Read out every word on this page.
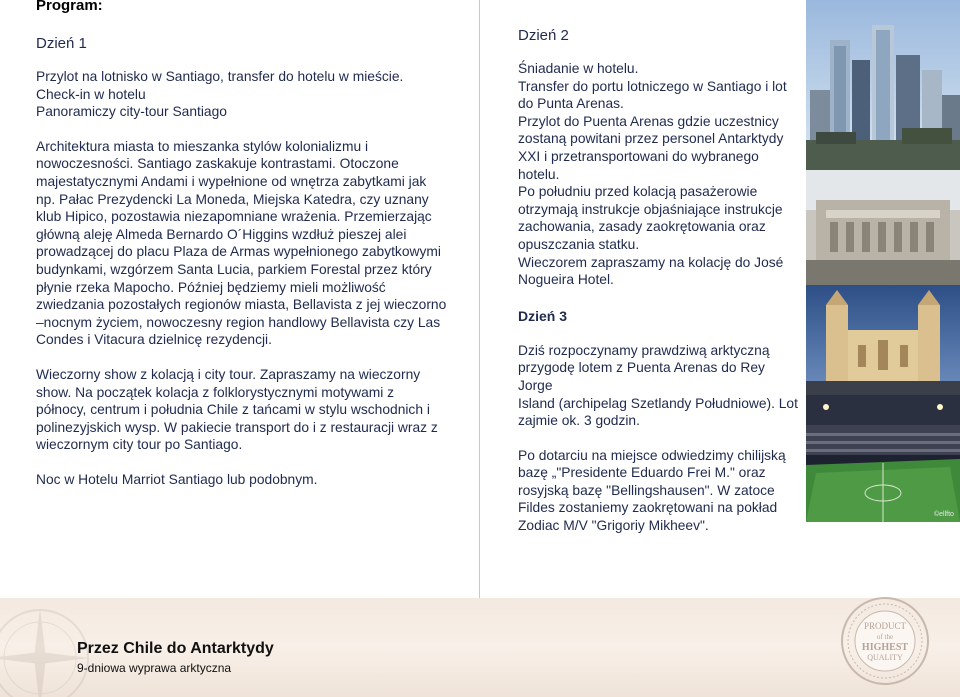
Program:
Dzień 1
Przylot na lotnisko w Santiago, transfer do hotelu w mieście.
Check-in w hotelu
Panoramiczy city-tour Santiago
Architektura miasta to mieszanka stylów kolonializmu i
nowoczesności. Santiago zaskakuje kontrastami. Otoczone
majestatycznymi Andami i wypełnione od wnętrza zabytkami jak
np. Pałac Prezydencki La Moneda, Miejska Katedra, czy uznany
klub Hipico, pozostawia niezapomniane wrażenia. Przemierzając
główną aleję Almeda Bernardo O´Higgins wzdłuż pieszej alei
prowadzącej do placu Plaza de Armas wypełnionego zabytkowymi
budynkami, wzgórzem Santa Lucia, parkiem Forestal przez który
płynie rzeka Mapocho. Później będziemy mieli możliwość
zwiedzania pozostałych regionów miasta, Bellavista z jej wieczorno
–nocnym życiem, nowoczesny region handlowy Bellavista czy Las
Condes i Vitacura dzielnicę rezydencji.
Wieczorny show z kolacją i city tour. Zapraszamy na wieczorny
show. Na początek kolacja z folklorystycznymi motywami z
północy, centrum i południa Chile z tańcami w stylu wschodnich i
polinezyjskich wysp. W pakiecie transport do i z restauracji wraz z
wieczornym city tour po Santiago.
Noc w Hotelu Marriot Santiago lub podobnym.
Dzień 2
Śniadanie w hotelu.
Transfer do portu lotniczego w Santiago i lot
do Punta Arenas.
Przylot do Puenta Arenas gdzie uczestnicy
zostaną powitani przez personel Antarktydy
XXI i przetransportowani do wybranego
hotelu.
Po południu przed kolacją pasażerowie
otrzymają instrukcje objaśniające instrukcje
zachowania, zasady zaokrętowania oraz
opuszczania statku.
Wieczorem zapraszamy na kolację do José
Nogueira Hotel.
Dzień 3
Dziś rozpoczynamy prawdziwą arktyczną
przygodę lotem z Puenta Arenas do Rey Jorge
Island (archipelag Szetlandy Południowe). Lot
zajmie ok. 3 godzin.
Po dotarciu na miejsce odwiedzimy chilijską
bazę „"Presidente Eduardo Frei M." oraz
rosyjską bazę "Bellingshausen". W zatoce
Fildes zostaniemy zaokrętowani na pokład
Zodiac M/V "Grigoriy Mikheev".
©ellfto
Przez Chile do Antarktydy
9-dniowa wyprawa arktyczna
PRODUCT
of the
HIGHEST
QUALITY
